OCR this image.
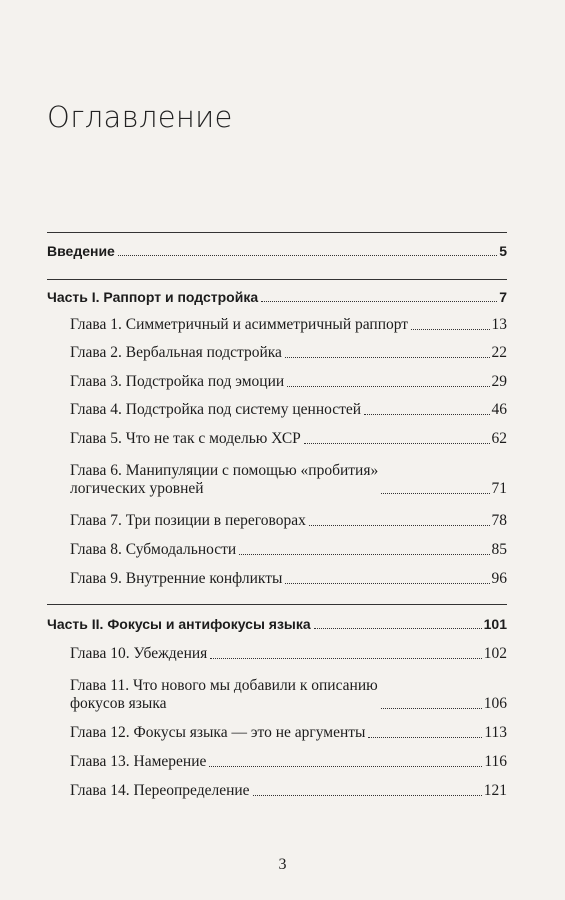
Оглавление
Введение	5
Часть I. Раппорт и подстройка	7
Глава 1. Симметричный и асимметричный раппорт	13
Глава 2. Вербальная подстройка	22
Глава 3. Подстройка под эмоции	29
Глава 4. Подстройка под систему ценностей	46
Глава 5. Что не так с моделью ХСР	62
Глава 6. Манипуляции с помощью «пробития»
логических уровней	71
Глава 7. Три позиции в переговорах	78
Глава 8. Субмодальности	85
Глава 9. Внутренние конфликты	96
Часть II. Фокусы и антифокусы языка	101
Глава 10. Убеждения	102
Глава 11. Что нового мы добавили к описанию
фокусов языка	106
Глава 12. Фокусы языка — это не аргументы	113
Глава 13. Намерение	116
Глава 14. Переопределение	121
3
